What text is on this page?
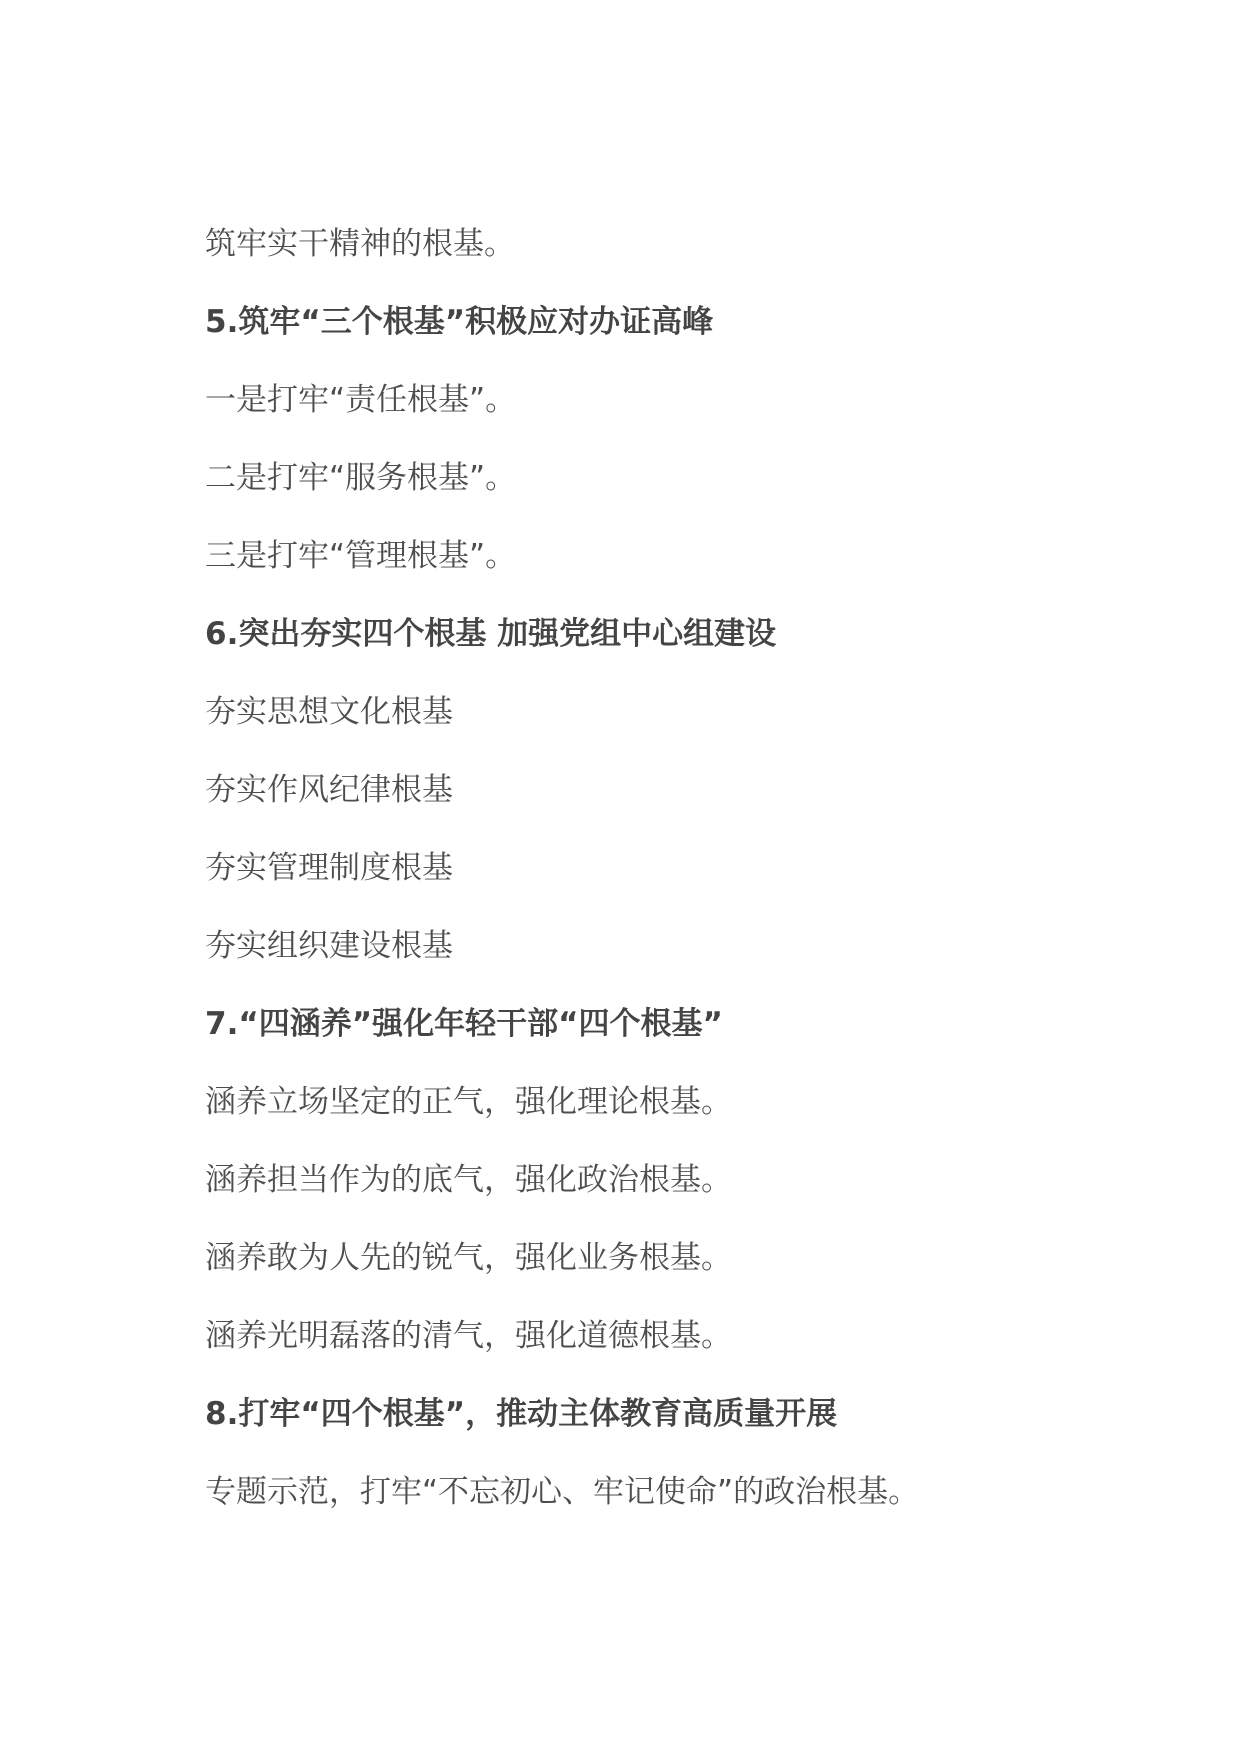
筑牢实干精神的根基。
5.筑牢“三个根基”积极应对办证高峰
一是打牢“责任根基”。
二是打牢“服务根基”。
三是打牢“管理根基”。
6.突出夯实四个根基 加强党组中心组建设
夯实思想文化根基
夯实作风纪律根基
夯实管理制度根基
夯实组织建设根基
7.“四涵养”强化年轻干部“四个根基”
涵养立场坚定的正气，强化理论根基。
涵养担当作为的底气，强化政治根基。
涵养敢为人先的锐气，强化业务根基。
涵养光明磊落的清气，强化道德根基。
8.打牢“四个根基”，推动主体教育高质量开展
专题示范，打牢“不忘初心、牢记使命”的政治根基。
